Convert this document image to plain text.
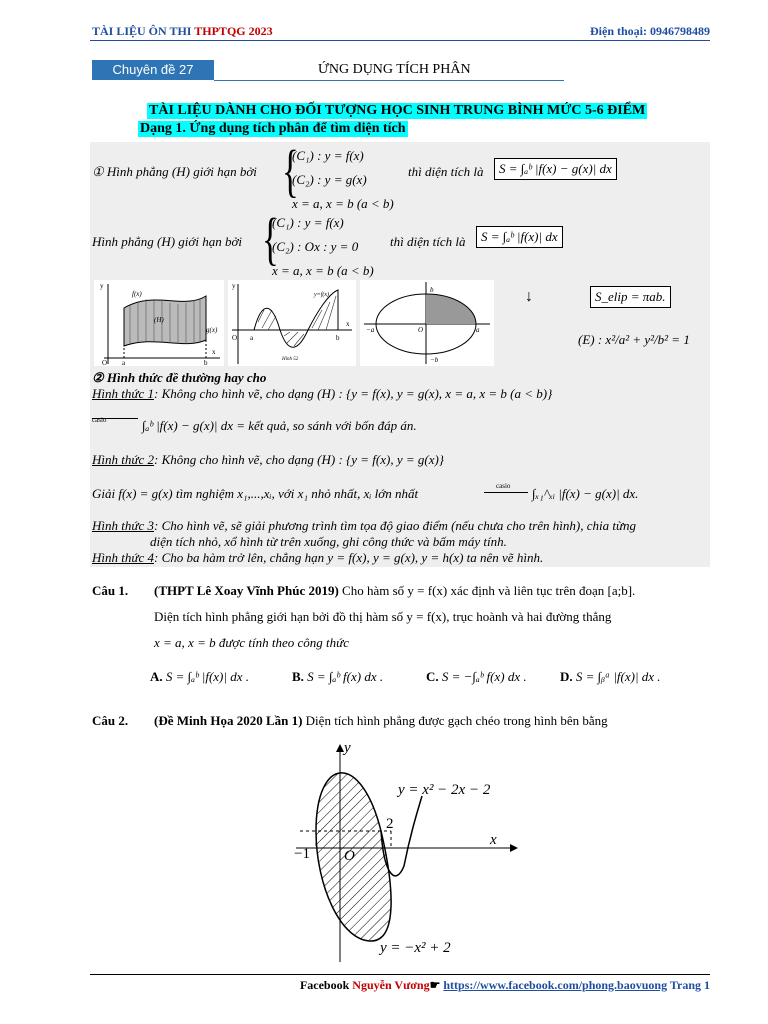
TÀI LIỆU ÔN THI THPTQG 2023	Điện thoại: 0946798489
Chuyên đề 27	ỨNG DỤNG TÍCH PHÂN
TÀI LIỆU DÀNH CHO ĐỐI TƯỢNG HỌC SINH TRUNG BÌNH MỨC 5-6 ĐIỂM
Dạng 1. Ứng dụng tích phân để tìm diện tích
① Hình phẳng (H) giới hạn bởi {
(C₁) : y = f(x)
(C₂) : y = g(x)
x = a, x = b (a < b)
thì diện tích là	S = ∫ₐᵇ |f(x) − g(x)| dx
Hình phẳng (H) giới hạn bởi {
(C₁) : y = f(x)
(C₂) : Ox : y = 0
x = a, x = b (a < b)
thì diện tích là	S = ∫ₐᵇ |f(x)| dx
f(x)
g(x)
(H)
y
x
O a	b
y
y=f(x)
O a	b
x
Hình 52
b
−b
a
−a	O
↓	S_elip = πab.
(E) : x²/a² + y²/b² = 1
② Hình thức đề thường hay cho
Hình thức 1: Không cho hình vẽ, cho dạng (H) : {y = f(x), y = g(x), x = a, x = b (a < b)}
casio	∫ₐᵇ |f(x) − g(x)| dx = kết quả, so sánh với bốn đáp án.
Hình thức 2: Không cho hình vẽ, cho dạng (H) : {y = f(x), y = g(x)}
Giải f(x) = g(x) tìm nghiệm x₁,...,xᵢ, với x₁ nhỏ nhất, xᵢ lớn nhất	casio ∫ₓ₁^ₓᵢ |f(x) − g(x)| dx.
Hình thức 3: Cho hình vẽ, sẽ giải phương trình tìm tọa độ giao điểm (nếu chưa cho trên hình), chia từng
diện tích nhỏ, xổ hình từ trên xuống, ghi công thức và bấm máy tính.
Hình thức 4: Cho ba hàm trở lên, chẳng hạn y = f(x), y = g(x), y = h(x) ta nên vẽ hình.
Câu 1. (THPT Lê Xoay Vĩnh Phúc 2019) Cho hàm số y = f(x) xác định và liên tục trên đoạn [a;b].
Diện tích hình phẳng giới hạn bởi đồ thị hàm số y = f(x), trục hoành và hai đường thẳng
x = a, x = b được tính theo công thức
A. S = ∫ₐᵇ |f(x)| dx .	B. S = ∫ₐᵇ f(x) dx .	C. S = −∫ₐᵇ f(x) dx .	D. S = ∫ᵦᵃ |f(x)| dx .
Câu 2. (Đề Minh Họa 2020 Lần 1) Diện tích hình phẳng được gạch chéo trong hình bên bằng
y
x
O
−1
2
y = x² − 2x − 2
y = −x² + 2
Facebook Nguyễn Vương☛ https://www.facebook.com/phong.baovuong Trang 1
